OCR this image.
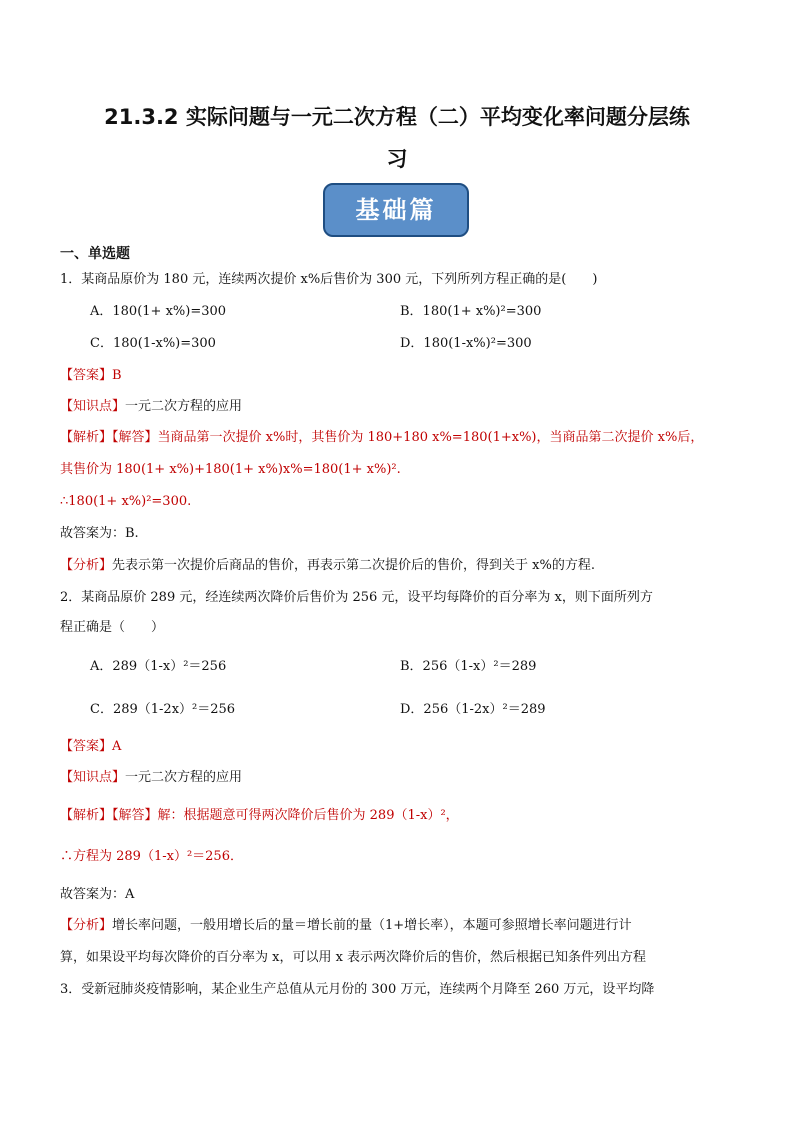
21.3.2 实际问题与一元二次方程（二）平均变化率问题分层练
习
基础篇
一、单选题
1．某商品原价为 180 元，连续两次提价 x%后售价为 300 元，下列所列方程正确的是(　　)
A．180(1+ x%)=300	B．180(1+ x%)²=300
C．180(1-x%)=300	D．180(1-x%)²=300
【答案】B
【知识点】一元二次方程的应用
【解析】【解答】当商品第一次提价 x%时，其售价为 180+180 x%=180(1+x%)，当商品第二次提价 x%后，
其售价为 180(1+ x%)+180(1+ x%)x%=180(1+ x%)².
∴180(1+ x%)²=300.
故答案为：B.
【分析】先表示第一次提价后商品的售价，再表示第二次提价后的售价，得到关于 x%的方程.
2．某商品原价 289 元，经连续两次降价后售价为 256 元，设平均每降价的百分率为 x，则下面所列方
程正确是（　　）
A．289（1-x）²＝256	B．256（1-x）²＝289
C．289（1-2x）²＝256	D．256（1-2x）²＝289
【答案】A
【知识点】一元二次方程的应用
【解析】【解答】解：根据题意可得两次降价后售价为 289（1-x）²，
∴方程为 289（1-x）²＝256．
故答案为：A
【分析】增长率问题，一般用增长后的量＝增长前的量（1+增长率），本题可参照增长率问题进行计
算，如果设平均每次降价的百分率为 x，可以用 x 表示两次降价后的售价，然后根据已知条件列出方程
3．受新冠肺炎疫情影响，某企业生产总值从元月份的 300 万元，连续两个月降至 260 万元，设平均降
